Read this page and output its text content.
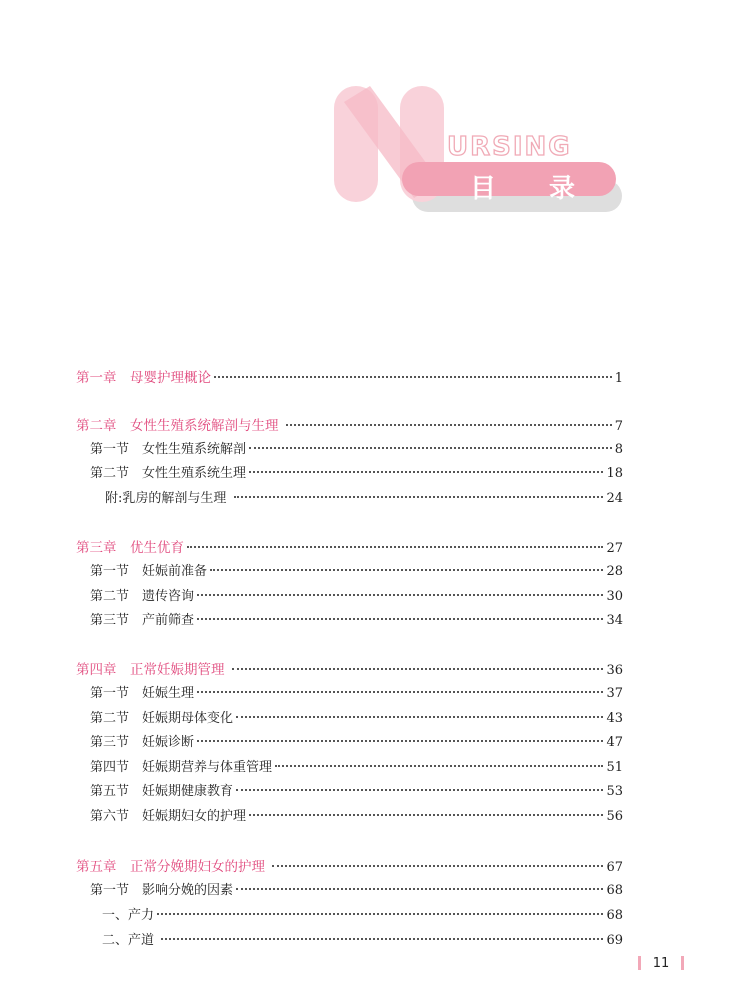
URSING
目 录
第一章　母婴护理概论	1
第二章　女性生殖系统解剖与生理	7
第一节　女性生殖系统解剖	8
第二节　女性生殖系统生理	18
附:乳房的解剖与生理	24
第三章　优生优育	27
第一节　妊娠前准备	28
第二节　遗传咨询	30
第三节　产前筛查	34
第四章　正常妊娠期管理	36
第一节　妊娠生理	37
第二节　妊娠期母体变化	43
第三节　妊娠诊断	47
第四节　妊娠期营养与体重管理	51
第五节　妊娠期健康教育	53
第六节　妊娠期妇女的护理	56
第五章　正常分娩期妇女的护理	67
第一节　影响分娩的因素	68
一、产力	68
二、产道	69
11
